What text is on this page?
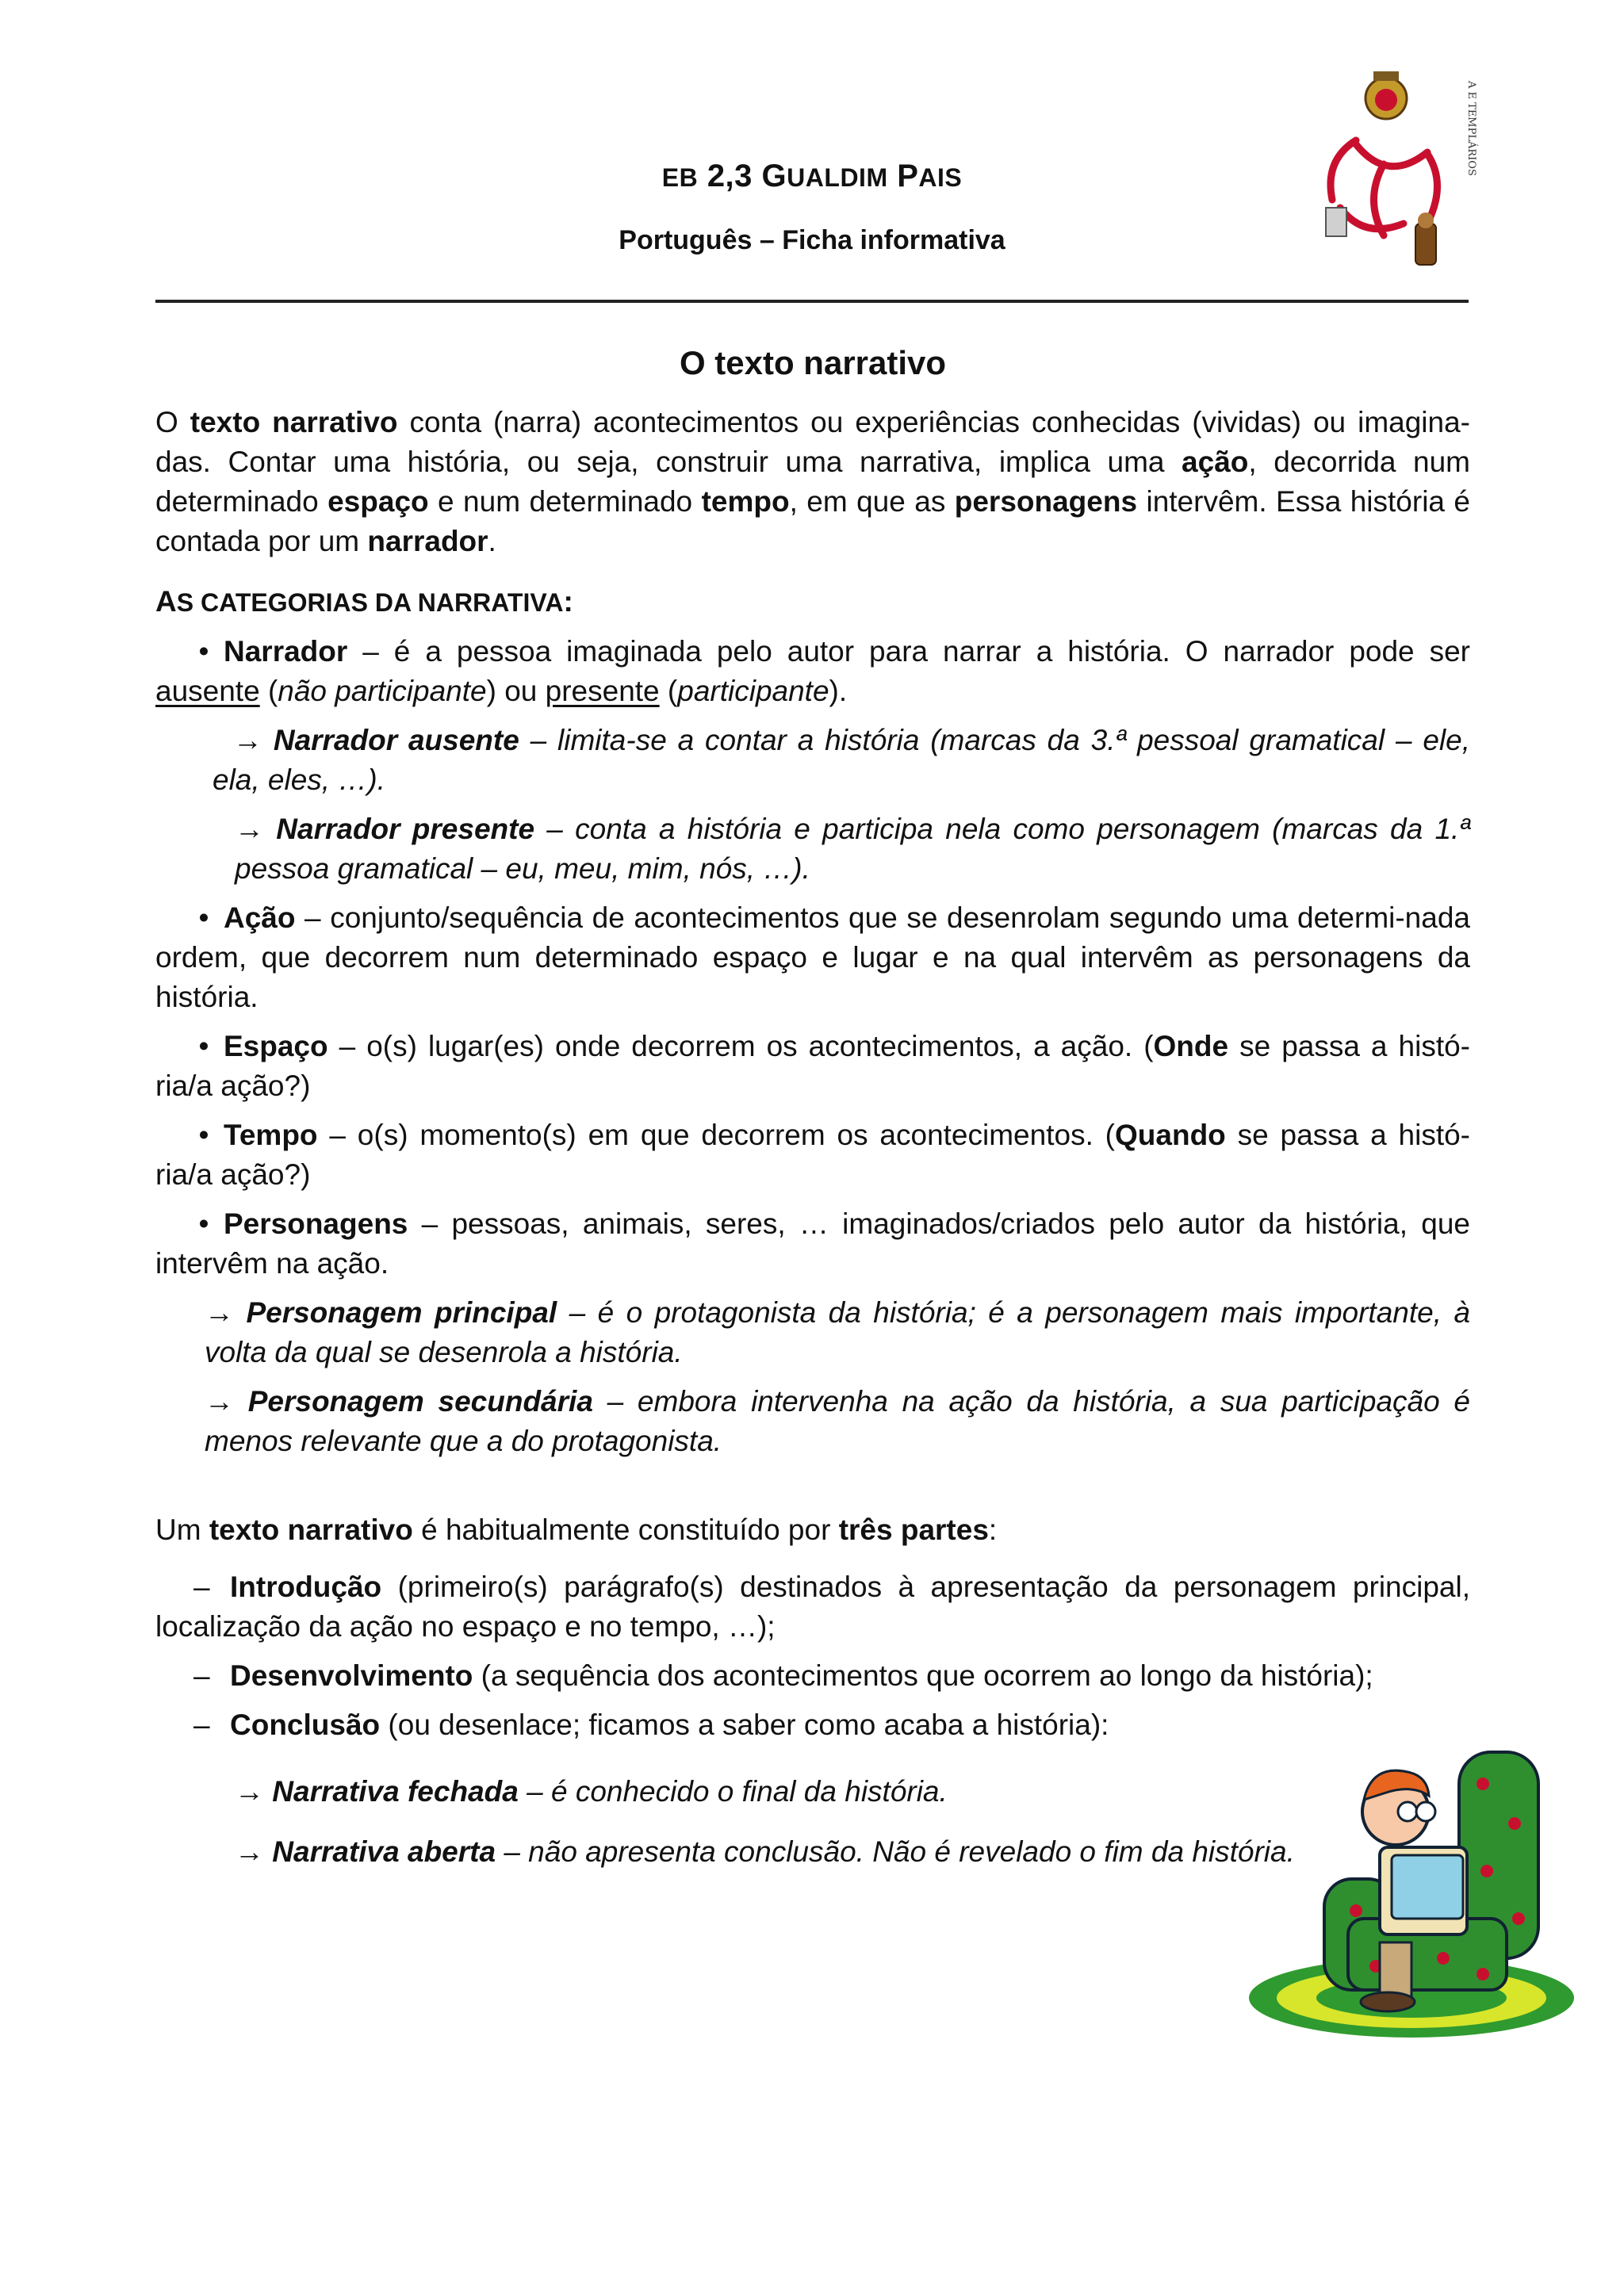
EB 2,3 GUALDIM PAIS
Português – Ficha informativa
A E TEMPLÁRIOS
O texto narrativo

O texto narrativo conta (narra) acontecimentos ou experiências conhecidas (vividas) ou imagina-das. Contar uma história, ou seja, construir uma narrativa, implica uma ação, decorrida num determinado espaço e num determinado tempo, em que as personagens intervêm. Essa história é contada por um narrador.

AS CATEGORIAS DA NARRATIVA:

• Narrador – é a pessoa imaginada pelo autor para narrar a história. O narrador pode ser ausente (não participante) ou presente (participante).

→ Narrador ausente – limita-se a contar a história (marcas da 3.ª pessoal gramatical – ele, ela, eles, …).

→ Narrador presente – conta a história e participa nela como personagem (marcas da 1.ª pessoa gramatical – eu, meu, mim, nós, …).

• Ação – conjunto/sequência de acontecimentos que se desenrolam segundo uma determi-nada ordem, que decorrem num determinado espaço e lugar e na qual intervêm as personagens da história.

• Espaço – o(s) lugar(es) onde decorrem os acontecimentos, a ação. (Onde se passa a histó-ria/a ação?)

• Tempo – o(s) momento(s) em que decorrem os acontecimentos. (Quando se passa a histó-ria/a ação?)

• Personagens – pessoas, animais, seres, … imaginados/criados pelo autor da história, que intervêm na ação.

→ Personagem principal – é o protagonista da história; é a personagem mais importante, à volta da qual se desenrola a história.

→ Personagem secundária – embora intervenha na ação da história, a sua participação é menos relevante que a do protagonista.

Um texto narrativo é habitualmente constituído por três partes:

– Introdução (primeiro(s) parágrafo(s) destinados à apresentação da personagem principal, localização da ação no espaço e no tempo, …);

– Desenvolvimento (a sequência dos acontecimentos que ocorrem ao longo da história);

– Conclusão (ou desenlace; ficamos a saber como acaba a história):

→ Narrativa fechada – é conhecido o final da história.

→ Narrativa aberta – não apresenta conclusão. Não é revelado o fim da história.
